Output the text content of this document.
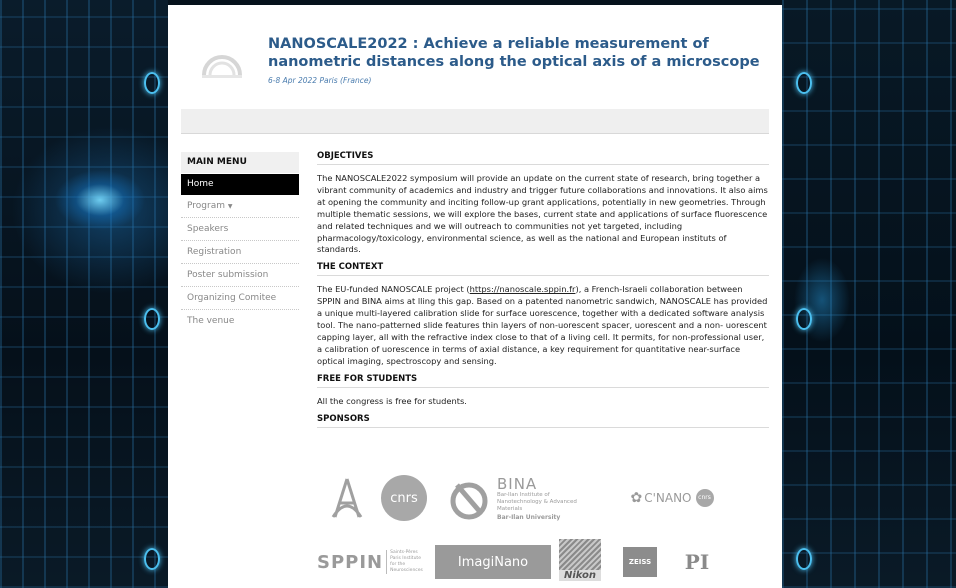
NANOSCALE2022 : Achieve a reliable measurement of nanometric distances along the optical axis of a microscope
6-8 Apr 2022 Paris (France)
MAIN MENU
Home
Program ▼
Speakers
Registration
Poster submission
Organizing Comitee
The venue
OBJECTIVES

The NANOSCALE2022 symposium will provide an update on the current state of research, bring together a vibrant community of academics and industry and trigger future collaborations and innovations. It also aims at opening the community and inciting follow-up grant applications, potentially in new geometries. Through multiple thematic sessions, we will explore the bases, current state and applications of surface fluorescence and related techniques and we will outreach to communities not yet targeted, including pharmacology/toxicology, environmental science, as well as the national and European instituts of standards.

THE CONTEXT

The EU-funded NANOSCALE project (https://nanoscale.sppin.fr), a French-Israeli collaboration between SPPIN and BINA aims at lling this gap. Based on a patented nanometric sandwich, NANOSCALE has provided a unique multi-layered calibration slide for surface uorescence, together with a dedicated software analysis tool. The nano-patterned slide features thin layers of non-uorescent spacer, uorescent and a non- uorescent capping layer, all with the refractive index close to that of a living cell. It permits, for non-professional user, a calibration of uorescence in terms of axial distance, a key requirement for quantitative near-surface optical imaging, spectroscopy and sensing.

FREE FOR STUDENTS

All the congress is free for students.

SPONSORS
cnrs
BINA
Bar-Ilan Institute of Nanotechnology & Advanced Materials
Bar-Ilan University
✿ C'NANO	cnrs
SPPIN	Saints-Pères Paris Institute for the Neurosciences
ImagiNano
Nikon
ZEISS PI
